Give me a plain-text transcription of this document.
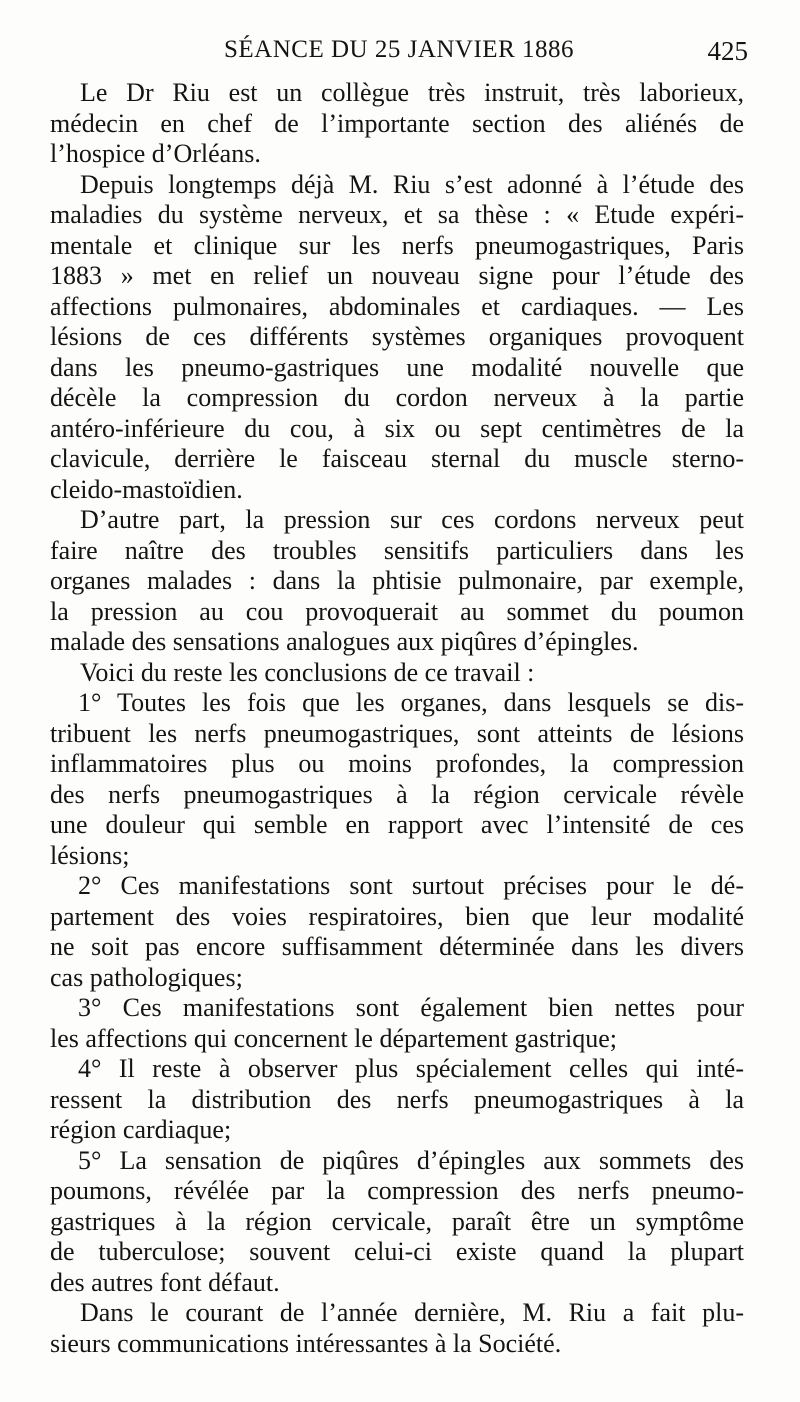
SÉANCE DU 25 JANVIER 1886	425
Le Dr Riu est un collègue très instruit, très laborieux,
médecin en chef de l’importante section des aliénés de
l’hospice d’Orléans.
Depuis longtemps déjà M. Riu s’est adonné à l’étude des
maladies du système nerveux, et sa thèse : « Etude expéri-
mentale et clinique sur les nerfs pneumogastriques, Paris
1883 » met en relief un nouveau signe pour l’étude des
affections pulmonaires, abdominales et cardiaques. — Les
lésions de ces différents systèmes organiques provoquent
dans les pneumo-gastriques une modalité nouvelle que
décèle la compression du cordon nerveux à la partie
antéro-inférieure du cou, à six ou sept centimètres de la
clavicule, derrière le faisceau sternal du muscle sterno-
cleido-mastoïdien.
D’autre part, la pression sur ces cordons nerveux peut
faire naître des troubles sensitifs particuliers dans les
organes malades : dans la phtisie pulmonaire, par exemple,
la pression au cou provoquerait au sommet du poumon
malade des sensations analogues aux piqûres d’épingles.
Voici du reste les conclusions de ce travail :
1° Toutes les fois que les organes, dans lesquels se dis-
tribuent les nerfs pneumogastriques, sont atteints de lésions
inflammatoires plus ou moins profondes, la compression
des nerfs pneumogastriques à la région cervicale révèle
une douleur qui semble en rapport avec l’intensité de ces
lésions;
2° Ces manifestations sont surtout précises pour le dé-
partement des voies respiratoires, bien que leur modalité
ne soit pas encore suffisamment déterminée dans les divers
cas pathologiques;
3° Ces manifestations sont également bien nettes pour
les affections qui concernent le département gastrique;
4° Il reste à observer plus spécialement celles qui inté-
ressent la distribution des nerfs pneumogastriques à la
région cardiaque;
5° La sensation de piqûres d’épingles aux sommets des
poumons, révélée par la compression des nerfs pneumo-
gastriques à la région cervicale, paraît être un symptôme
de tuberculose; souvent celui-ci existe quand la plupart
des autres font défaut.
Dans le courant de l’année dernière, M. Riu a fait plu-
sieurs communications intéressantes à la Société.
